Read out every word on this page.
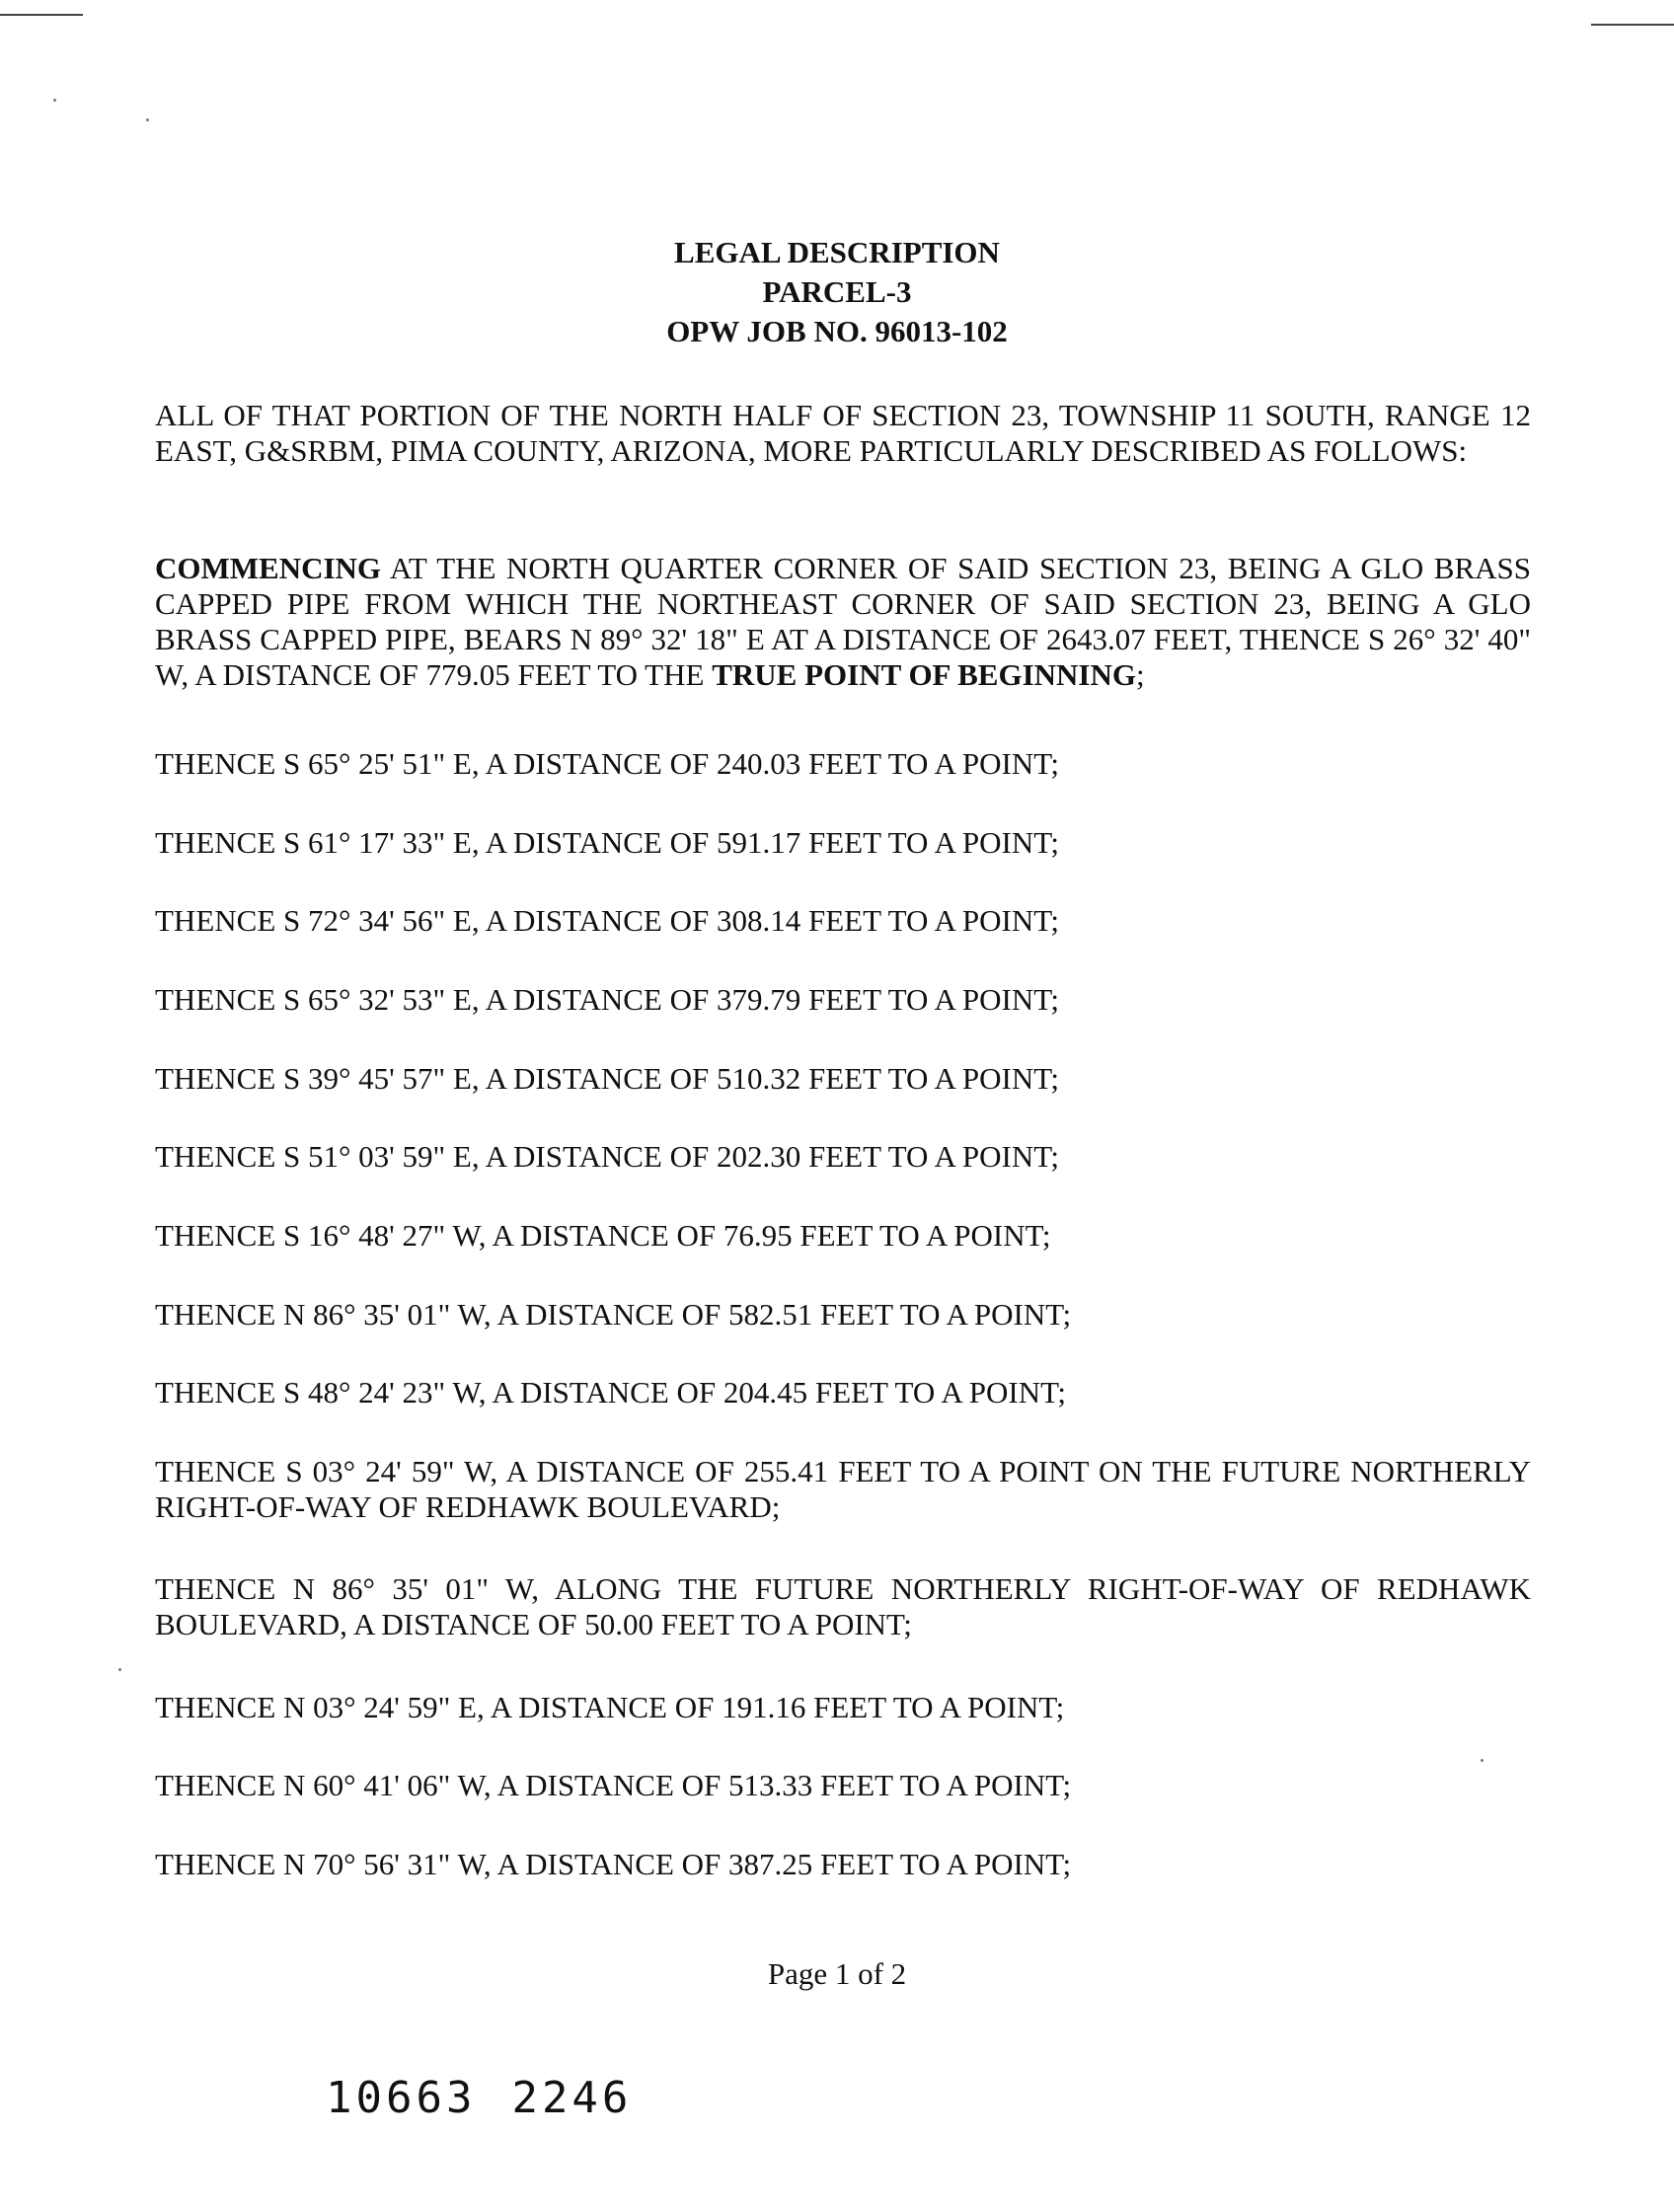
LEGAL DESCRIPTION
PARCEL-3
OPW JOB NO. 96013-102
ALL OF THAT PORTION OF THE NORTH HALF OF SECTION 23, TOWNSHIP 11 SOUTH, RANGE 12 EAST, G&SRBM, PIMA COUNTY, ARIZONA, MORE PARTICULARLY DESCRIBED AS FOLLOWS:
COMMENCING AT THE NORTH QUARTER CORNER OF SAID SECTION 23, BEING A GLO BRASS CAPPED PIPE FROM WHICH THE NORTHEAST CORNER OF SAID SECTION 23, BEING A GLO BRASS CAPPED PIPE, BEARS N 89° 32' 18" E AT A DISTANCE OF 2643.07 FEET, THENCE S 26° 32' 40" W, A DISTANCE OF 779.05 FEET TO THE TRUE POINT OF BEGINNING;
THENCE S 65° 25' 51" E, A DISTANCE OF 240.03 FEET TO A POINT;
THENCE S 61° 17' 33" E, A DISTANCE OF 591.17 FEET TO A POINT;
THENCE S 72° 34' 56" E, A DISTANCE OF 308.14 FEET TO A POINT;
THENCE S 65° 32' 53" E, A DISTANCE OF 379.79 FEET TO A POINT;
THENCE S 39° 45' 57" E, A DISTANCE OF 510.32 FEET TO A POINT;
THENCE S 51° 03' 59" E, A DISTANCE OF 202.30 FEET TO A POINT;
THENCE S 16° 48' 27" W, A DISTANCE OF 76.95 FEET TO A POINT;
THENCE N 86° 35' 01" W, A DISTANCE OF 582.51 FEET TO A POINT;
THENCE S 48° 24' 23" W, A DISTANCE OF 204.45 FEET TO A POINT;
THENCE S 03° 24' 59" W, A DISTANCE OF 255.41 FEET TO A POINT ON THE FUTURE NORTHERLY RIGHT-OF-WAY OF REDHAWK BOULEVARD;
THENCE N 86° 35' 01" W, ALONG THE FUTURE NORTHERLY RIGHT-OF-WAY OF REDHAWK BOULEVARD, A DISTANCE OF 50.00 FEET TO A POINT;
THENCE N 03° 24' 59" E, A DISTANCE OF 191.16 FEET TO A POINT;
THENCE N 60° 41' 06" W, A DISTANCE OF 513.33 FEET TO A POINT;
THENCE N 70° 56' 31" W, A DISTANCE OF 387.25 FEET TO A POINT;
Page 1 of 2
10663 2246
